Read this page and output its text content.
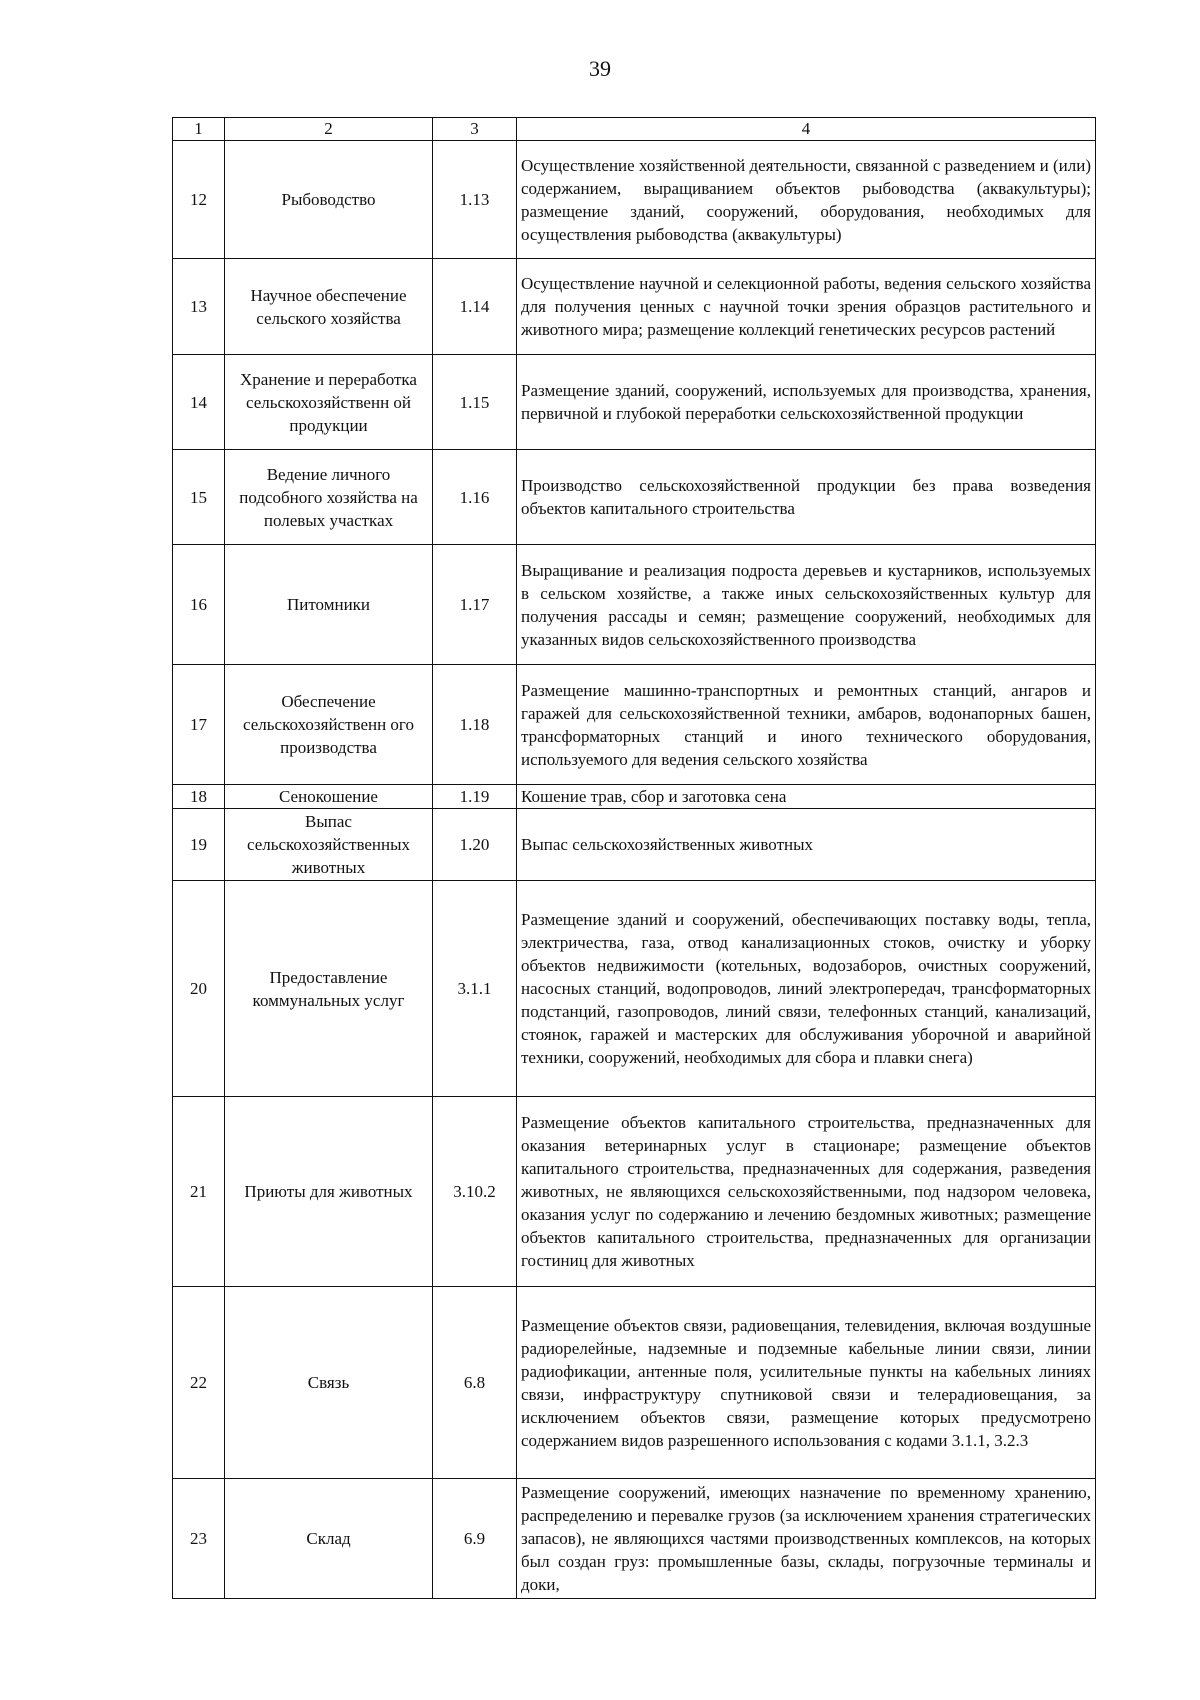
39
1	2	3	4
12	Рыбоводство	1.13	Осуществление хозяйственной деятельности, связанной с разведением и (или) содержанием, выращиванием объектов рыбоводства (аквакультуры); размещение зданий, сооружений, оборудования, необходимых для осуществления рыбоводства (аквакультуры)
13	Научное обеспечение сельского хозяйства	1.14	Осуществление научной и селекционной работы, ведения сельского хозяйства для получения ценных с научной точки зрения образцов растительного и животного мира; размещение коллекций генетических ресурсов растений
14	Хранение и переработка сельскохозяйственн ой продукции	1.15	Размещение зданий, сооружений, используемых для производства, хранения, первичной и глубокой переработки сельскохозяйственной продукции
15	Ведение личного подсобного хозяйства на полевых участках	1.16	Производство сельскохозяйственной продукции без права возведения объектов капитального строительства
16	Питомники	1.17	Выращивание и реализация подроста деревьев и кустарников, используемых в сельском хозяйстве, а также иных сельскохозяйственных культур для получения рассады и семян; размещение сооружений, необходимых для указанных видов сельскохозяйственного производства
17	Обеспечение сельскохозяйственн ого производства	1.18	Размещение машинно-транспортных и ремонтных станций, ангаров и гаражей для сельскохозяйственной техники, амбаров, водонапорных башен, трансформаторных станций и иного технического оборудования, используемого для ведения сельского хозяйства
18	Сенокошение	1.19	Кошение трав, сбор и заготовка сена
19	Выпас сельскохозяйственных животных	1.20	Выпас сельскохозяйственных животных
20	Предоставление коммунальных услуг	3.1.1	Размещение зданий и сооружений, обеспечивающих поставку воды, тепла, электричества, газа, отвод канализационных стоков, очистку и уборку объектов недвижимости (котельных, водозаборов, очистных сооружений, насосных станций, водопроводов, линий электропередач, трансформаторных подстанций, газопроводов, линий связи, телефонных станций, канализаций, стоянок, гаражей и мастерских для обслуживания уборочной и аварийной техники, сооружений, необходимых для сбора и плавки снега)
21	Приюты для животных	3.10.2	Размещение объектов капитального строительства, предназначенных для оказания ветеринарных услуг в стационаре; размещение объектов капитального строительства, предназначенных для содержания, разведения животных, не являющихся сельскохозяйственными, под надзором человека, оказания услуг по содержанию и лечению бездомных животных; размещение объектов капитального строительства, предназначенных для организации гостиниц для животных
22	Связь	6.8	Размещение объектов связи, радиовещания, телевидения, включая воздушные радиорелейные, надземные и подземные кабельные линии связи, линии радиофикации, антенные поля, усилительные пункты на кабельных линиях связи, инфраструктуру спутниковой связи и телерадиовещания, за исключением объектов связи, размещение которых предусмотрено содержанием видов разрешенного использования с кодами 3.1.1, 3.2.3
23	Склад	6.9	Размещение сооружений, имеющих назначение по временному хранению, распределению и перевалке грузов (за исключением хранения стратегических запасов), не являющихся частями производственных комплексов, на которых был создан груз: промышленные базы, склады, погрузочные терминалы и доки,
